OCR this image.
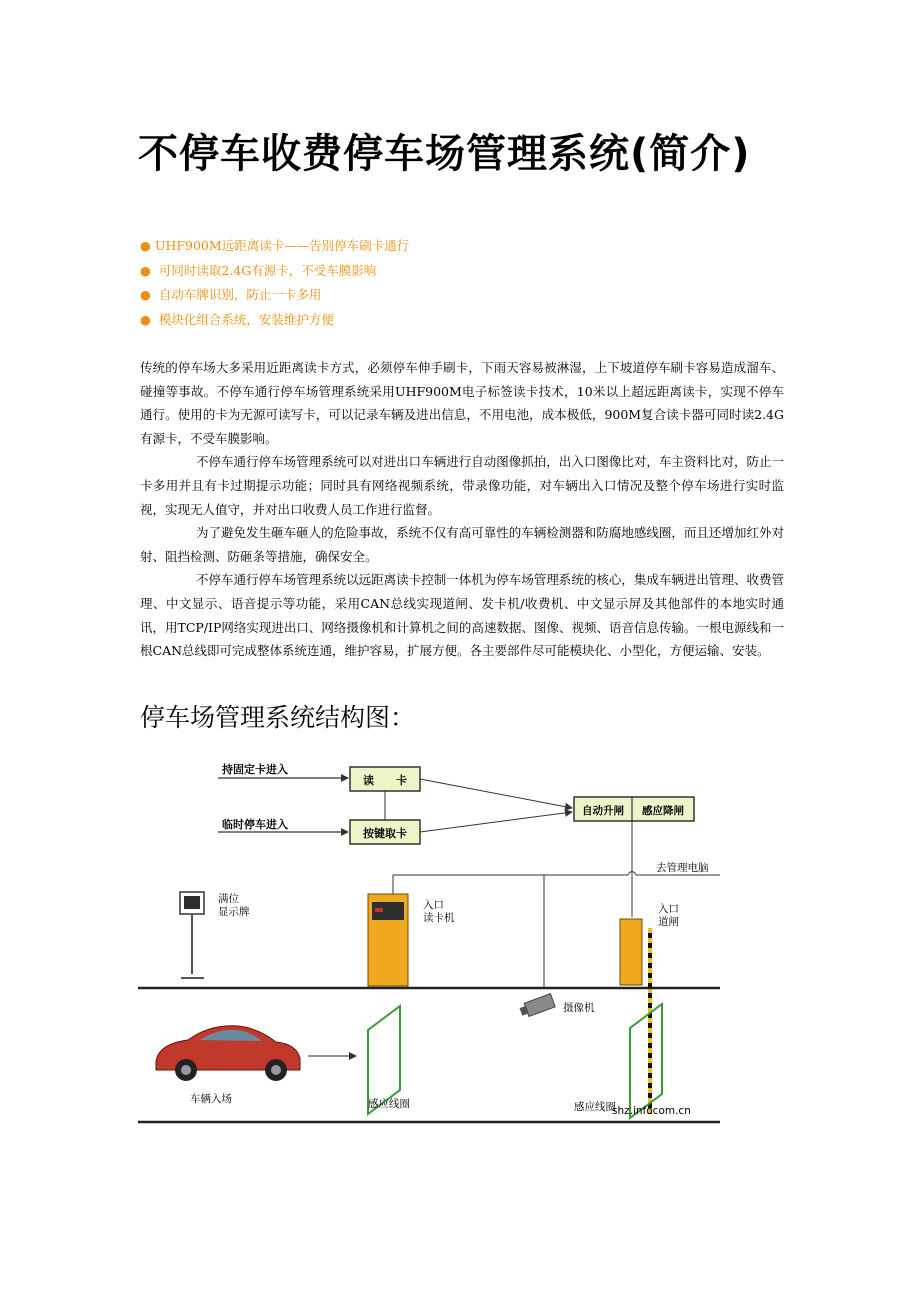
不停车收费停车场管理系统(简介)
● UHF900M远距离读卡——告别停车刷卡通行
● 可同时读取2.4G有源卡，不受车膜影响
● 自动车牌识别，防止一卡多用
● 模块化组合系统，安装维护方便

传统的停车场大多采用近距离读卡方式，必须停车伸手刷卡，下雨天容易被淋湿，上下坡道停车刷卡容易造成溜车、碰撞等事故。不停车通行停车场管理系统采用UHF900M电子标签读卡技术，10米以上超远距离读卡，实现不停车通行。使用的卡为无源可读写卡，可以记录车辆及进出信息，不用电池，成本极低，900M复合读卡器可同时读2.4G有源卡，不受车膜影响。

不停车通行停车场管理系统可以对进出口车辆进行自动图像抓拍，出入口图像比对，车主资料比对，防止一卡多用并且有卡过期提示功能；同时具有网络视频系统，带录像功能，对车辆出入口情况及整个停车场进行实时监视，实现无人值守，并对出口收费人员工作进行监督。

为了避免发生砸车砸人的危险事故，系统不仅有高可靠性的车辆检测器和防腐地感线圈，而且还增加红外对射、阻挡检测、防砸条等措施，确保安全。

不停车通行停车场管理系统以远距离读卡控制一体机为停车场管理系统的核心，集成车辆进出管理、收费管理、中文显示、语音提示等功能，采用CAN总线实现道闸、发卡机/收费机、中文显示屏及其他部件的本地实时通讯，用TCP/IP网络实现进出口、网络摄像机和计算机之间的高速数据、图像、视频、语音信息传输。一根电源线和一根CAN总线即可完成整体系统连通，维护容易，扩展方便。各主要部件尽可能模块化、小型化，方便运输、安装。

停车场管理系统结构图：
持固定卡进入
临时停车进入
读　　卡
按键取卡
自动升闸 感应降闸
去管理电脑
满位
显示牌
入口
读卡机
入口
道闸
摄像机
车辆入场	感应线圈	感应线圈
shz.infocom.cn
